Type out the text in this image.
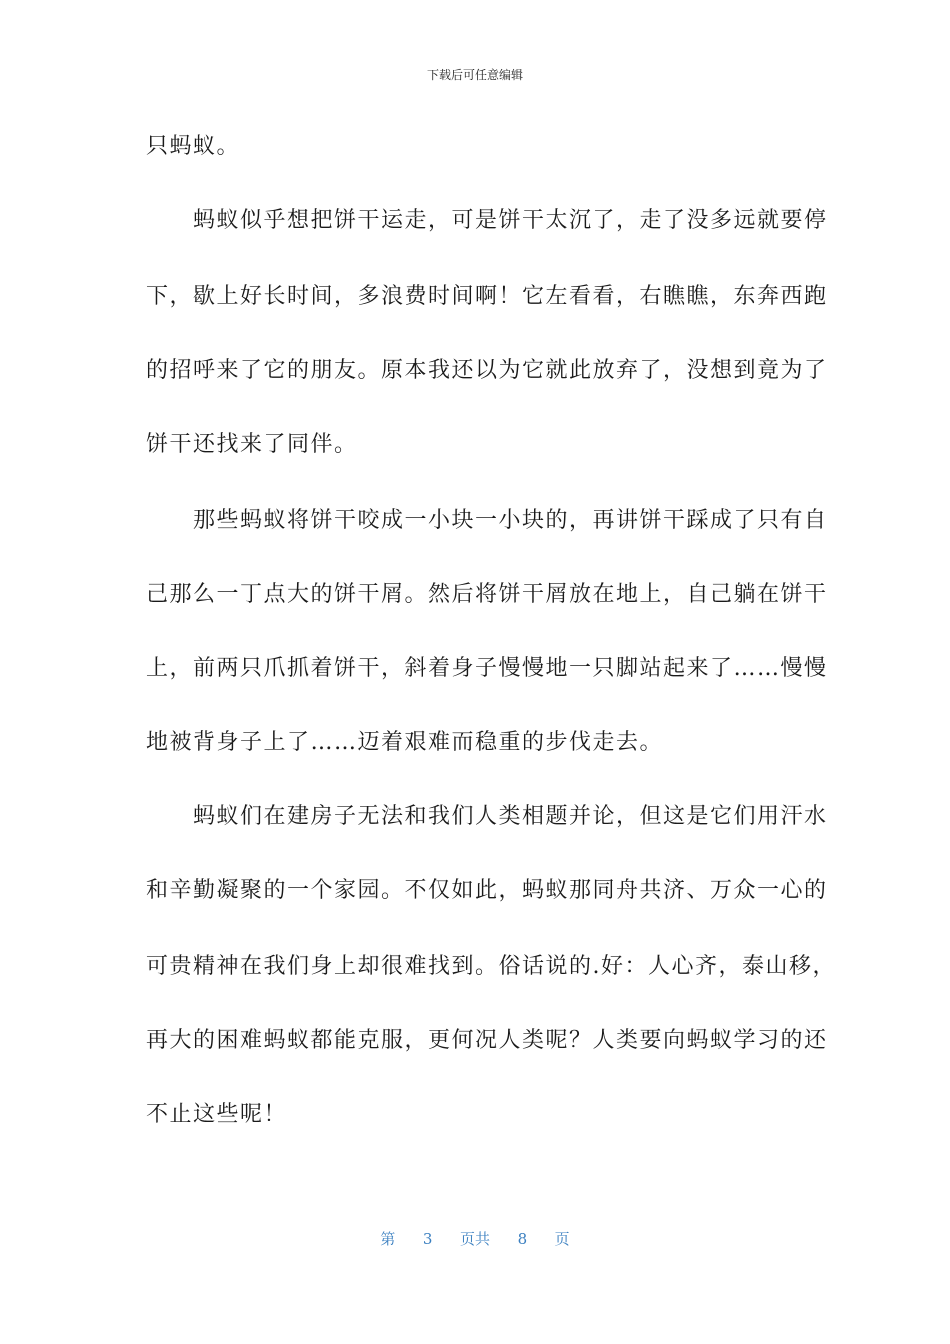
下载后可任意编辑
只蚂蚁。
　　蚂蚁似乎想把饼干运走，可是饼干太沉了，走了没多远就要停
下，歇上好长时间，多浪费时间啊！它左看看，右瞧瞧，东奔西跑
的招呼来了它的朋友。原本我还以为它就此放弃了，没想到竟为了
饼干还找来了同伴。
　　那些蚂蚁将饼干咬成一小块一小块的，再讲饼干踩成了只有自
己那么一丁点大的饼干屑。然后将饼干屑放在地上，自己躺在饼干
上，前两只爪抓着饼干，斜着身子慢慢地一只脚站起来了……慢慢
地被背身子上了……迈着艰难而稳重的步伐走去。
　　蚂蚁们在建房子无法和我们人类相题并论，但这是它们用汗水
和辛勤凝聚的一个家园。不仅如此，蚂蚁那同舟共济、万众一心的
可贵精神在我们身上却很难找到。俗话说的.好：人心齐，泰山移，
再大的困难蚂蚁都能克服，更何况人类呢？人类要向蚂蚁学习的还
不止这些呢！
第 3 页共 8 页
